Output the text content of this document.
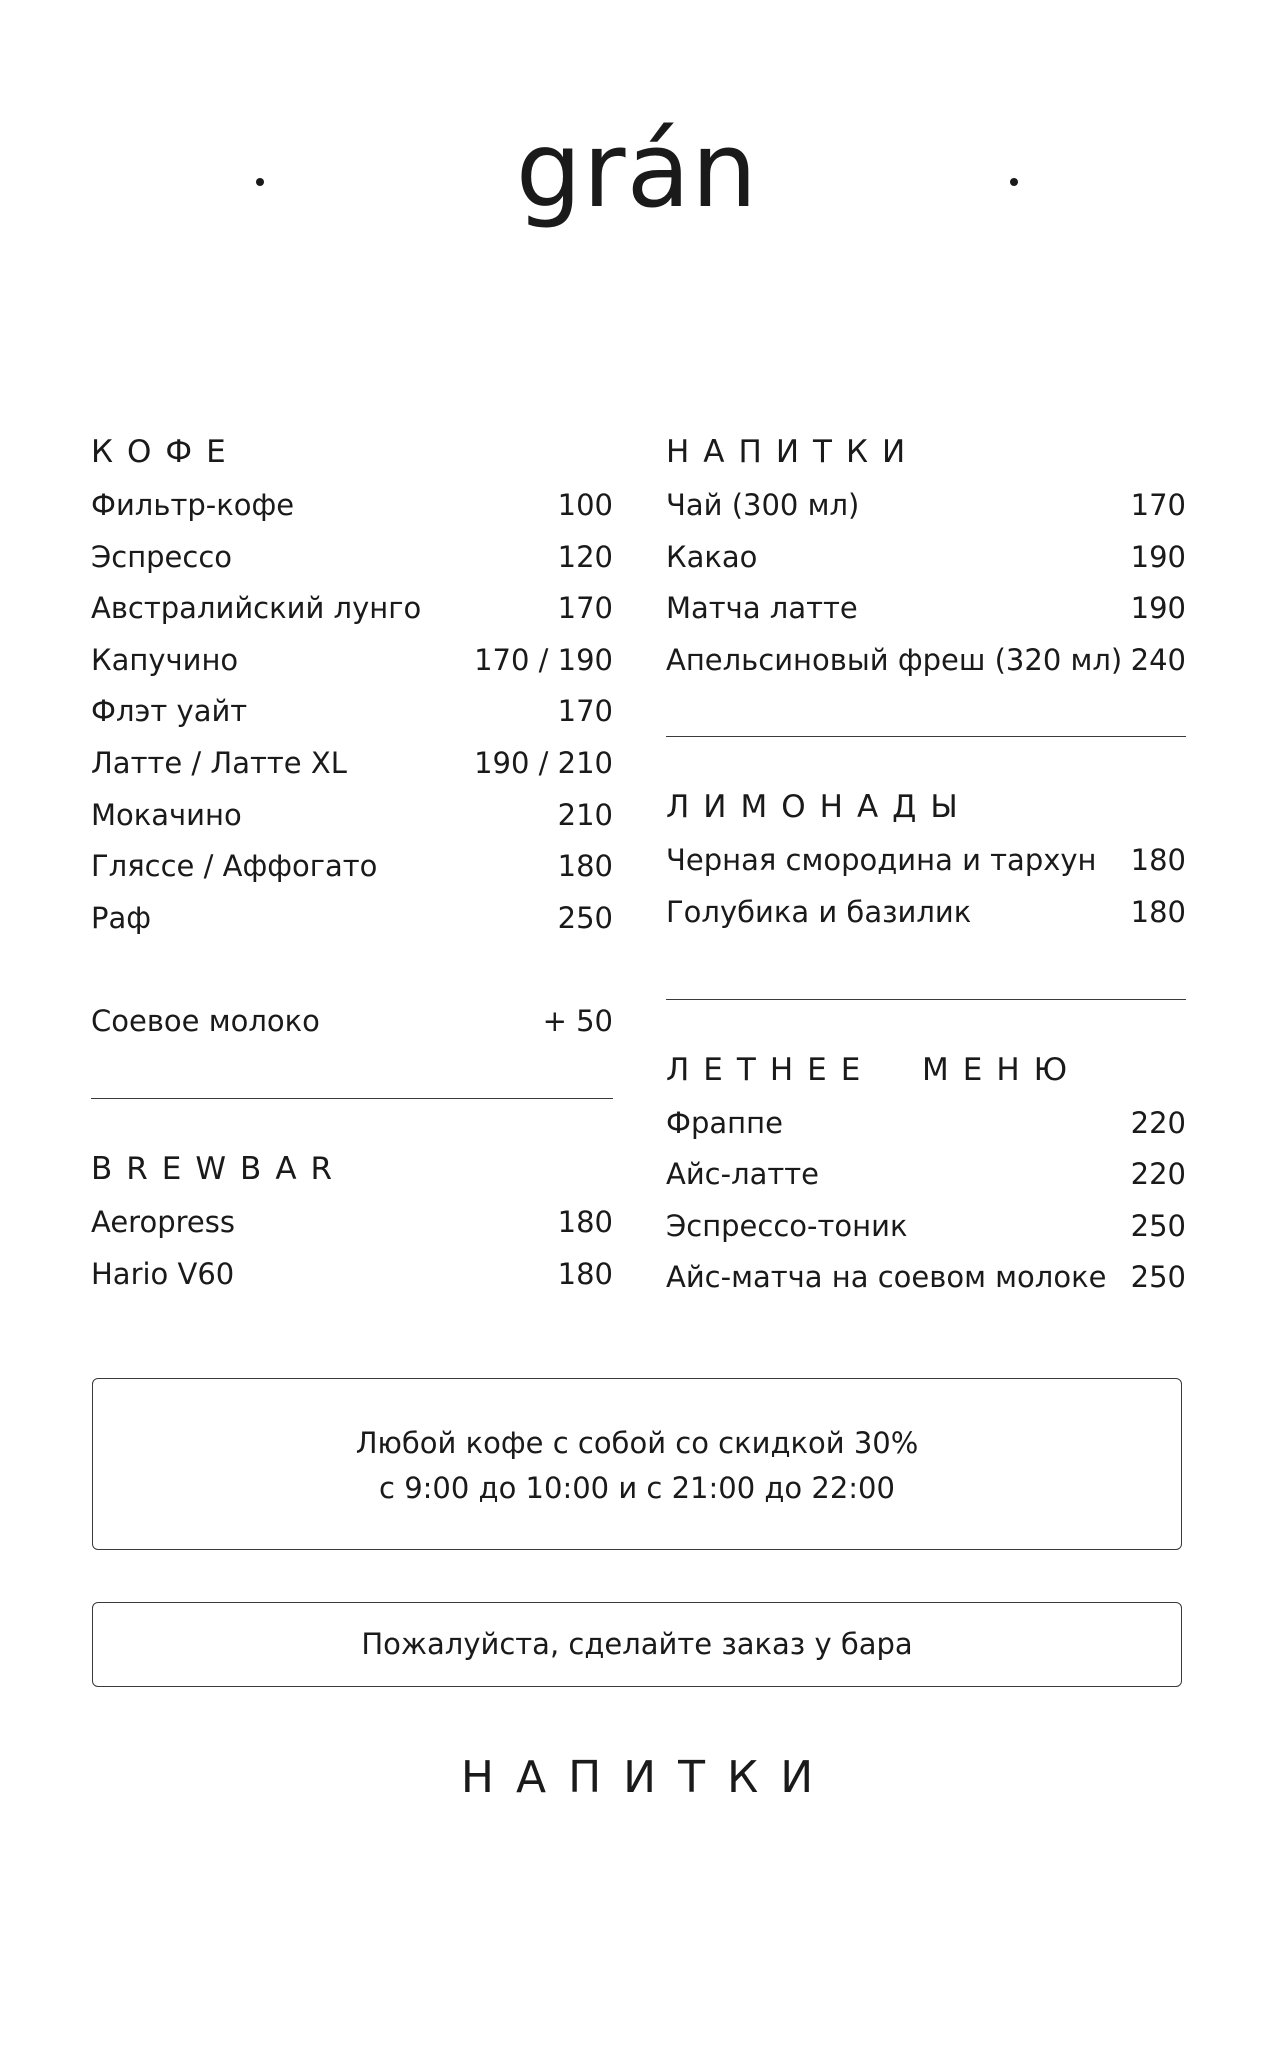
grán
КОФЕ
Фильтр-кофе	100
Эспрессо	120
Австралийский лунго	170
Капучино	170 / 190
Флэт уайт	170
Латте / Латте XL	190 / 210
Мокачино	210
Гляссе / Аффогато	180
Раф	250
Соевое молоко	+ 50
BREWBAR
Aeropress	180
Hario V60	180
НАПИТКИ
Чай (300 мл)	170
Какао	190
Матча латте	190
Апельсиновый фреш (320 мл) 240
ЛИМОНАДЫ
Черная смородина и тархун 180
Голубика и базилик	180
ЛЕТНЕЕ  МЕНЮ
Фраппе	220
Айс-латте	220
Эспрессо-тоник	250
Айс-матча на соевом молоке 250
Любой кофе с собой со скидкой 30%
с 9:00 до 10:00 и с 21:00 до 22:00
Пожалуйста, сделайте заказ у бара
НАПИТКИ
